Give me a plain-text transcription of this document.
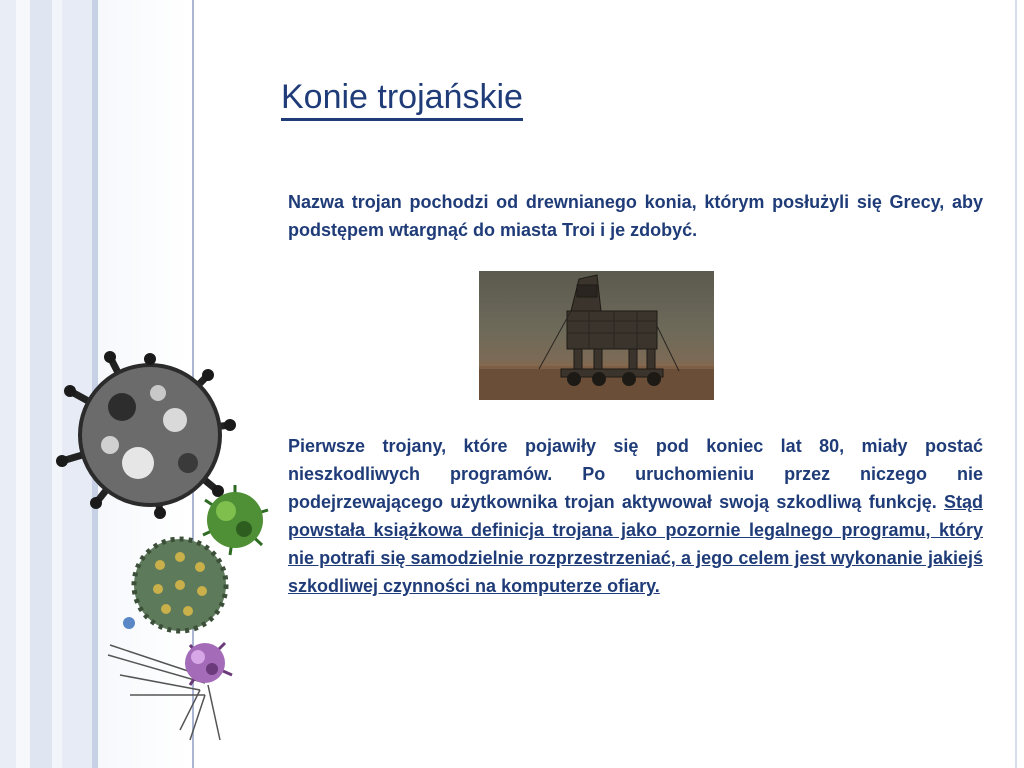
Konie trojańskie

Nazwa trojan pochodzi od drewnianego konia, którym posłużyli się Grecy, aby podstępem wtargnąć do miasta Troi i je zdobyć.

Pierwsze trojany, które pojawiły się pod koniec lat 80, miały postać nieszkodliwych programów. Po uruchomieniu przez niczego nie podejrzewającego użytkownika trojan aktywował swoją szkodliwą funkcję. Stąd powstała książkowa definicja trojana jako pozornie legalnego programu, który nie potrafi się samodzielnie rozprzestrzeniać, a jego celem jest wykonanie jakiejś szkodliwej czynności na komputerze ofiary.
